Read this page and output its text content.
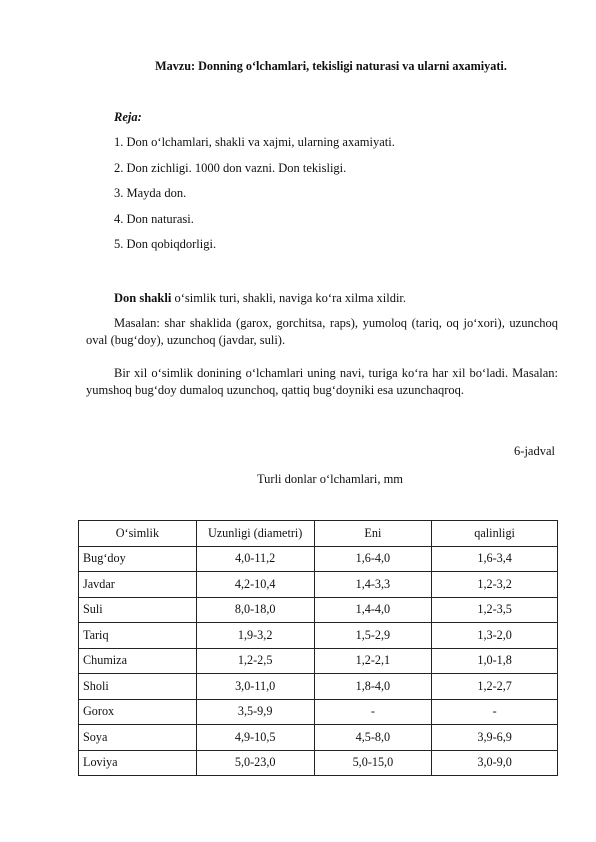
Mavzu: Donning o‘lchamlari, tekisligi naturasi va ularni axamiyati.
Reja:
1. Don o‘lchamlari, shakli va xajmi, ularning axamiyati.
2. Don zichligi. 1000 don vazni. Don tekisligi.
3. Mayda don.
4. Don naturasi.
5. Don qobiqdorligi.
Don shakli o‘simlik turi, shakli, naviga ko‘ra xilma xildir.
Masalan: shar shaklida (garox, gorchitsa, raps), yumoloq (tariq, oq jo‘xori), uzunchoq oval (bug‘doy), uzunchoq (javdar, suli).
Bir xil o‘simlik donining o‘lchamlari uning navi, turiga ko‘ra har xil bo‘ladi. Masalan: yumshoq bug‘doy dumaloq uzunchoq, qattiq bug‘doyniki esa uzunchaqroq.
6-jadval
Turli donlar o‘lchamlari, mm
O‘simlik	Uzunligi (diametri)	Eni	qalinligi
Bug‘doy	4,0-11,2	1,6-4,0	1,6-3,4
Javdar	4,2-10,4	1,4-3,3	1,2-3,2
Suli	8,0-18,0	1,4-4,0	1,2-3,5
Tariq	1,9-3,2	1,5-2,9	1,3-2,0
Chumiza	1,2-2,5	1,2-2,1	1,0-1,8
Sholi	3,0-11,0	1,8-4,0	1,2-2,7
Gorox	3,5-9,9	-	-
Soya	4,9-10,5	4,5-8,0	3,9-6,9
Loviya	5,0-23,0	5,0-15,0	3,0-9,0
